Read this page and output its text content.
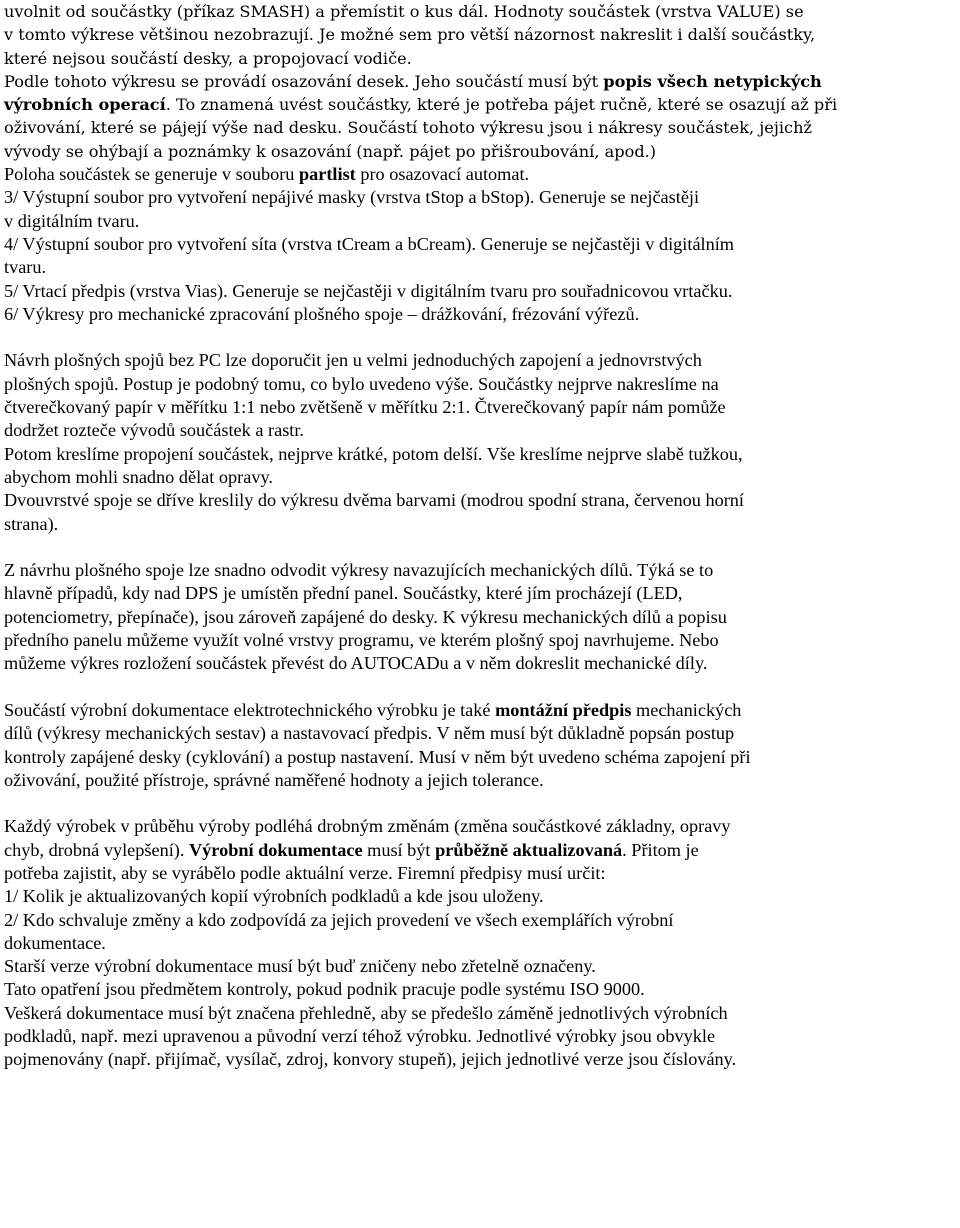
uvolnit od součástky (příkaz SMASH) a přemístit o kus dál. Hodnoty součástek (vrstva VALUE) se
v tomto výkrese většinou nezobrazují. Je možné sem pro větší názornost nakreslit i další součástky,
které nejsou součástí desky, a propojovací vodiče.
Podle tohoto výkresu se provádí osazování desek. Jeho součástí musí být popis všech netypických
výrobních operací. To znamená uvést součástky, které je potřeba pájet ručně, které se osazují až při
oživování, které se pájejí výše nad desku. Součástí tohoto výkresu jsou i nákresy součástek, jejichž
vývody se ohýbají a poznámky k osazování (např. pájet po přišroubování, apod.)
Poloha součástek se generuje v souboru partlist pro osazovací automat.
3/ Výstupní soubor pro vytvoření nepájivé masky (vrstva tStop a bStop). Generuje se nejčastěji
v digitálním tvaru.
4/ Výstupní soubor pro vytvoření síta (vrstva tCream a bCream). Generuje se nejčastěji v digitálním
tvaru.
5/ Vrtací předpis (vrstva Vias). Generuje se nejčastěji v digitálním tvaru pro souřadnicovou vrtačku.
6/ Výkresy pro mechanické zpracování plošného spoje – drážkování, frézování výřezů.
Návrh plošných spojů bez PC lze doporučit jen u velmi jednoduchých zapojení a jednovrstvých
plošných spojů. Postup je podobný tomu, co bylo uvedeno výše. Součástky nejprve nakreslíme na
čtverečkovaný papír v měřítku 1:1 nebo zvětšeně v měřítku 2:1. Čtverečkovaný papír nám pomůže
dodržet rozteče vývodů součástek a rastr.
Potom kreslíme propojení součástek, nejprve krátké, potom delší. Vše kreslíme nejprve slabě tužkou,
abychom mohli snadno dělat opravy.
Dvouvrstvé spoje se dříve kreslily do výkresu dvěma barvami (modrou spodní strana, červenou horní
strana).
Z návrhu plošného spoje lze snadno odvodit výkresy navazujících mechanických dílů. Týká se to
hlavně případů, kdy nad DPS je umístěn přední panel. Součástky, které jím procházejí (LED,
potenciometry, přepínače), jsou zároveň zapájené do desky. K výkresu mechanických dílů a popisu
předního panelu můžeme využít volné vrstvy programu, ve kterém plošný spoj navrhujeme. Nebo
můžeme výkres rozložení součástek převést do AUTOCADu a v něm dokreslit mechanické díly.
Součástí výrobní dokumentace elektrotechnického výrobku je také montážní předpis mechanických
dílů (výkresy mechanických sestav) a nastavovací předpis. V něm musí být důkladně popsán postup
kontroly zapájené desky (cyklování) a postup nastavení. Musí v něm být uvedeno schéma zapojení při
oživování, použité přístroje, správné naměřené hodnoty a jejich tolerance.
Každý výrobek v průběhu výroby podléhá drobným změnám (změna součástkové základny, opravy
chyb, drobná vylepšení). Výrobní dokumentace musí být průběžně aktualizovaná. Přitom je
potřeba zajistit, aby se vyrábělo podle aktuální verze. Firemní předpisy musí určit:
1/ Kolik je aktualizovaných kopií výrobních podkladů a kde jsou uloženy.
2/ Kdo schvaluje změny a kdo zodpovídá za jejich provedení ve všech exemplářích výrobní
dokumentace.
Starší verze výrobní dokumentace musí být buď zničeny nebo zřetelně označeny.
Tato opatření jsou předmětem kontroly, pokud podnik pracuje podle systému ISO 9000.
Veškerá dokumentace musí být značena přehledně, aby se předešlo záměně jednotlivých výrobních
podkladů, např. mezi upravenou a původní verzí téhož výrobku. Jednotlivé výrobky jsou obvykle
pojmenovány (např. přijímač, vysílač, zdroj, konvory stupeň), jejich jednotlivé verze jsou číslovány.
